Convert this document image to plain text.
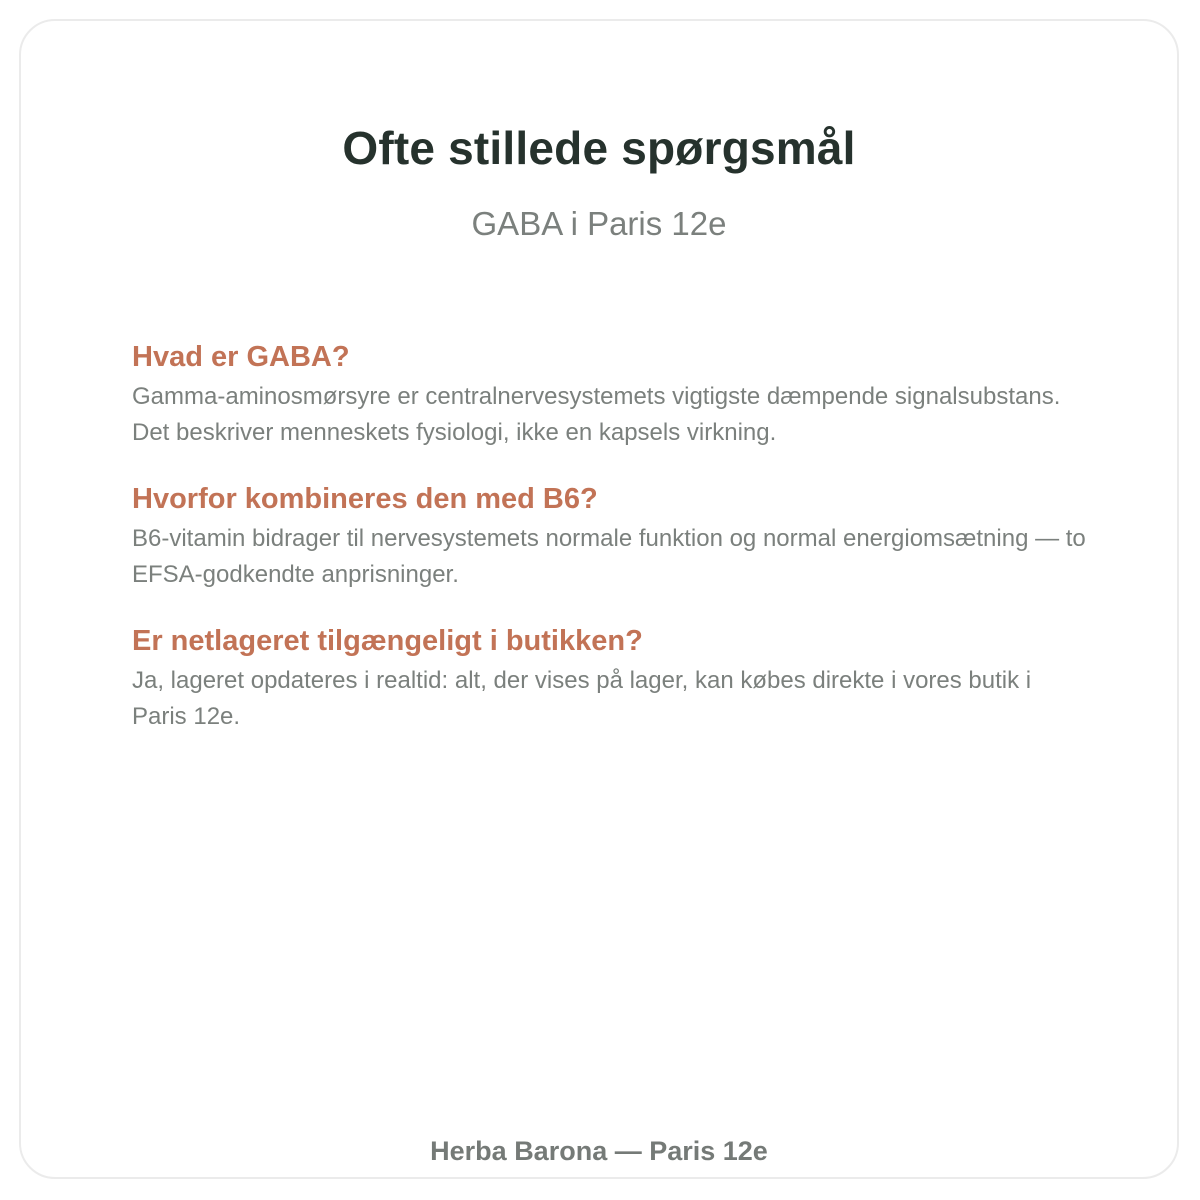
Ofte stillede spørgsmål
GABA i Paris 12e
Hvad er GABA?

Gamma-aminosmørsyre er centralnervesystemets vigtigste dæmpende signalsubstans. Det beskriver menneskets fysiologi, ikke en kapsels virkning.

Hvorfor kombineres den med B6?

B6-vitamin bidrager til nervesystemets normale funktion og normal energiomsætning — to EFSA-godkendte anprisninger.

Er netlageret tilgængeligt i butikken?

Ja, lageret opdateres i realtid: alt, der vises på lager, kan købes direkte i vores butik i Paris 12e.

Herba Barona — Paris 12e
